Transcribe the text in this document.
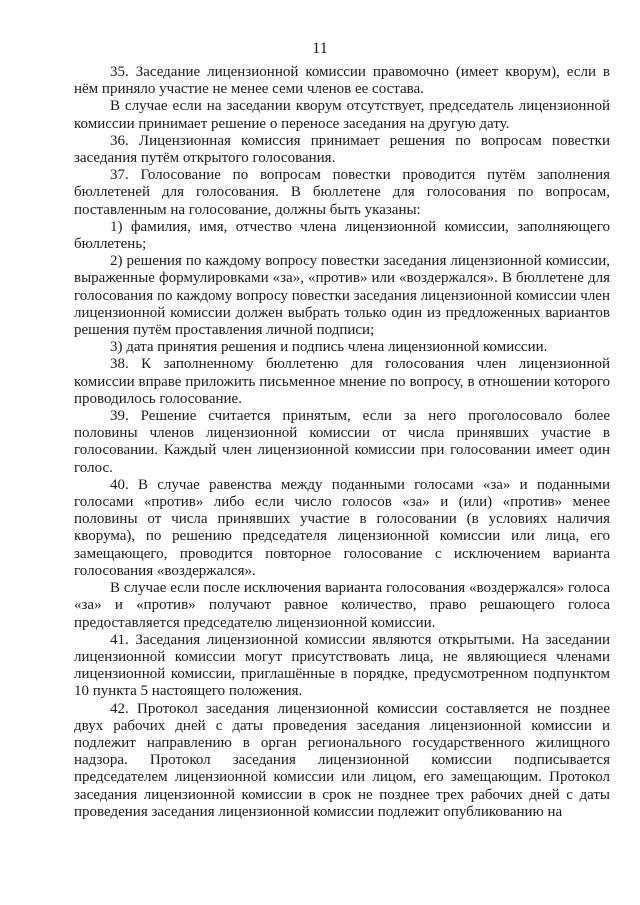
11

35. Заседание лицензионной комиссии правомочно (имеет кворум), если в нём приняло участие не менее семи членов ее состава.

В случае если на заседании кворум отсутствует, председатель лицензионной комиссии принимает решение о переносе заседания на другую дату.

36. Лицензионная комиссия принимает решения по вопросам повестки заседания путём открытого голосования.

37. Голосование по вопросам повестки проводится путём заполнения бюллетеней для голосования. В бюллетене для голосования по вопросам, поставленным на голосование, должны быть указаны:

1) фамилия, имя, отчество члена лицензионной комиссии, заполняющего бюллетень;

2) решения по каждому вопросу повестки заседания лицензионной комиссии, выраженные формулировками «за», «против» или «воздержался». В бюллетене для голосования по каждому вопросу повестки заседания лицензионной комиссии член лицензионной комиссии должен выбрать только один из предложенных вариантов решения путём проставления личной подписи;

3) дата принятия решения и подпись члена лицензионной комиссии.

38. К заполненному бюллетеню для голосования член лицензионной комиссии вправе приложить письменное мнение по вопросу, в отношении которого проводилось голосование.

39. Решение считается принятым, если за него проголосовало более половины членов лицензионной комиссии от числа принявших участие в голосовании. Каждый член лицензионной комиссии при голосовании имеет один голос.

40. В случае равенства между поданными голосами «за» и поданными голосами «против» либо если число голосов «за» и (или) «против» менее половины от числа принявших участие в голосовании (в условиях наличия кворума), по решению председателя лицензионной комиссии или лица, его замещающего, проводится повторное голосование с исключением варианта голосования «воздержался».

В случае если после исключения варианта голосования «воздержался» голоса «за» и «против» получают равное количество, право решающего голоса предоставляется председателю лицензионной комиссии.

41. Заседания лицензионной комиссии являются открытыми. На заседании лицензионной комиссии могут присутствовать лица, не являющиеся членами лицензионной комиссии, приглашённые в порядке, предусмотренном подпунктом 10 пункта 5 настоящего положения.

42. Протокол заседания лицензионной комиссии составляется не позднее двух рабочих дней с даты проведения заседания лицензионной комиссии и подлежит направлению в орган регионального государственного жилищного надзора. Протокол заседания лицензионной комиссии подписывается председателем лицензионной комиссии или лицом, его замещающим. Протокол заседания лицензионной комиссии в срок не позднее трех рабочих дней с даты проведения заседания лицензионной комиссии подлежит опубликованию на
